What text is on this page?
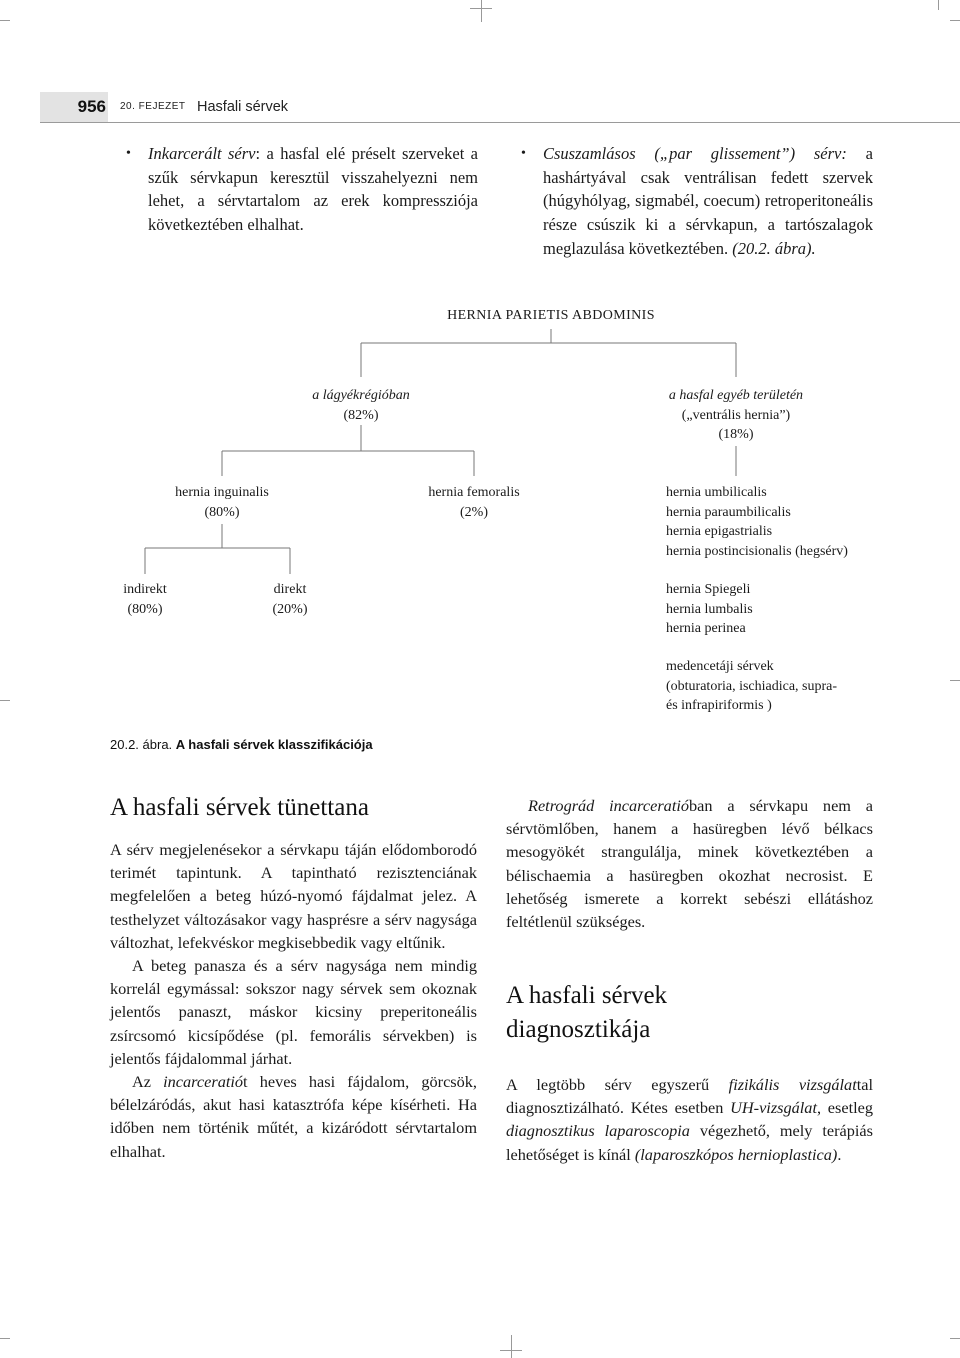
956 20. FEJEZET Hasfali sérvek
• Inkarcerált sérv: a hasfal elé préselt szerveket a szűk sérvkapun keresztül visszahelyezni nem lehet, a sérvtartalom az erek kompressziója következtében elhalhat.
• Csuszamlásos („par glissement”) sérv: a hashártyával csak ventrálisan fedett szervek (húgyhólyag, sigmabél, coecum) retroperitoneális része csúszik ki a sérvkapun, a tartószalagok meglazulása következtében. (20.2. ábra).
HERNIA PARIETIS ABDOMINIS
a lágyékrégióban
(82%)
a hasfal egyéb területén
(„ventrális hernia”)
(18%)
hernia inguinalis
(80%)
hernia femoralis
(2%)
hernia umbilicalis
hernia paraumbilicalis
hernia epigastrialis
hernia postincisionalis (hegsérv)
indirekt
(80%)
direkt
(20%)
hernia Spiegeli
hernia lumbalis
hernia perinea
medencetáji sérvek
(obturatoria, ischiadica, supra-
és infrapiriformis )
20.2. ábra. A hasfali sérvek klasszifikációja
A hasfali sérvek tünettana

A sérv megjelenésekor a sérvkapu táján elődomborodó terimét tapintunk. A tapintható rezisztenciának megfelelően a beteg húzó-nyomó fájdalmat jelez. A testhelyzet változásakor vagy hasprésre a sérv nagysága változhat, lefekvéskor megkisebbedik vagy eltűnik.

A beteg panasza és a sérv nagysága nem mindig korrelál egymással: sokszor nagy sérvek sem okoznak jelentős panaszt, máskor kicsiny preperitoneális zsírcsomó kicsípődése (pl. femorális sérvekben) is jelentős fájdalommal járhat.

Az incarceratiót heves hasi fájdalom, görcsök, bélelzáródás, akut hasi katasztrófa képe kísérheti. Ha időben nem történik műtét, a kizáródott sérvtartalom elhalhat.

Retrográd incarceratióban a sérvkapu nem a sérvtömlőben, hanem a hasüregben lévő bélkacs mesogyökét strangulálja, minek következtében a bélischaemia a hasüregben okozhat necrosist. E lehetőség ismerete a korrekt sebészi ellátáshoz feltétlenül szükséges.

A hasfali sérvek
diagnosztikája

A legtöbb sérv egyszerű fizikális vizsgálattal diagnosztizálható. Kétes esetben UH-vizsgálat, esetleg diagnosztikus laparoscopia végezhető, mely terápiás lehetőséget is kínál (laparoszkópos hernioplastica).
